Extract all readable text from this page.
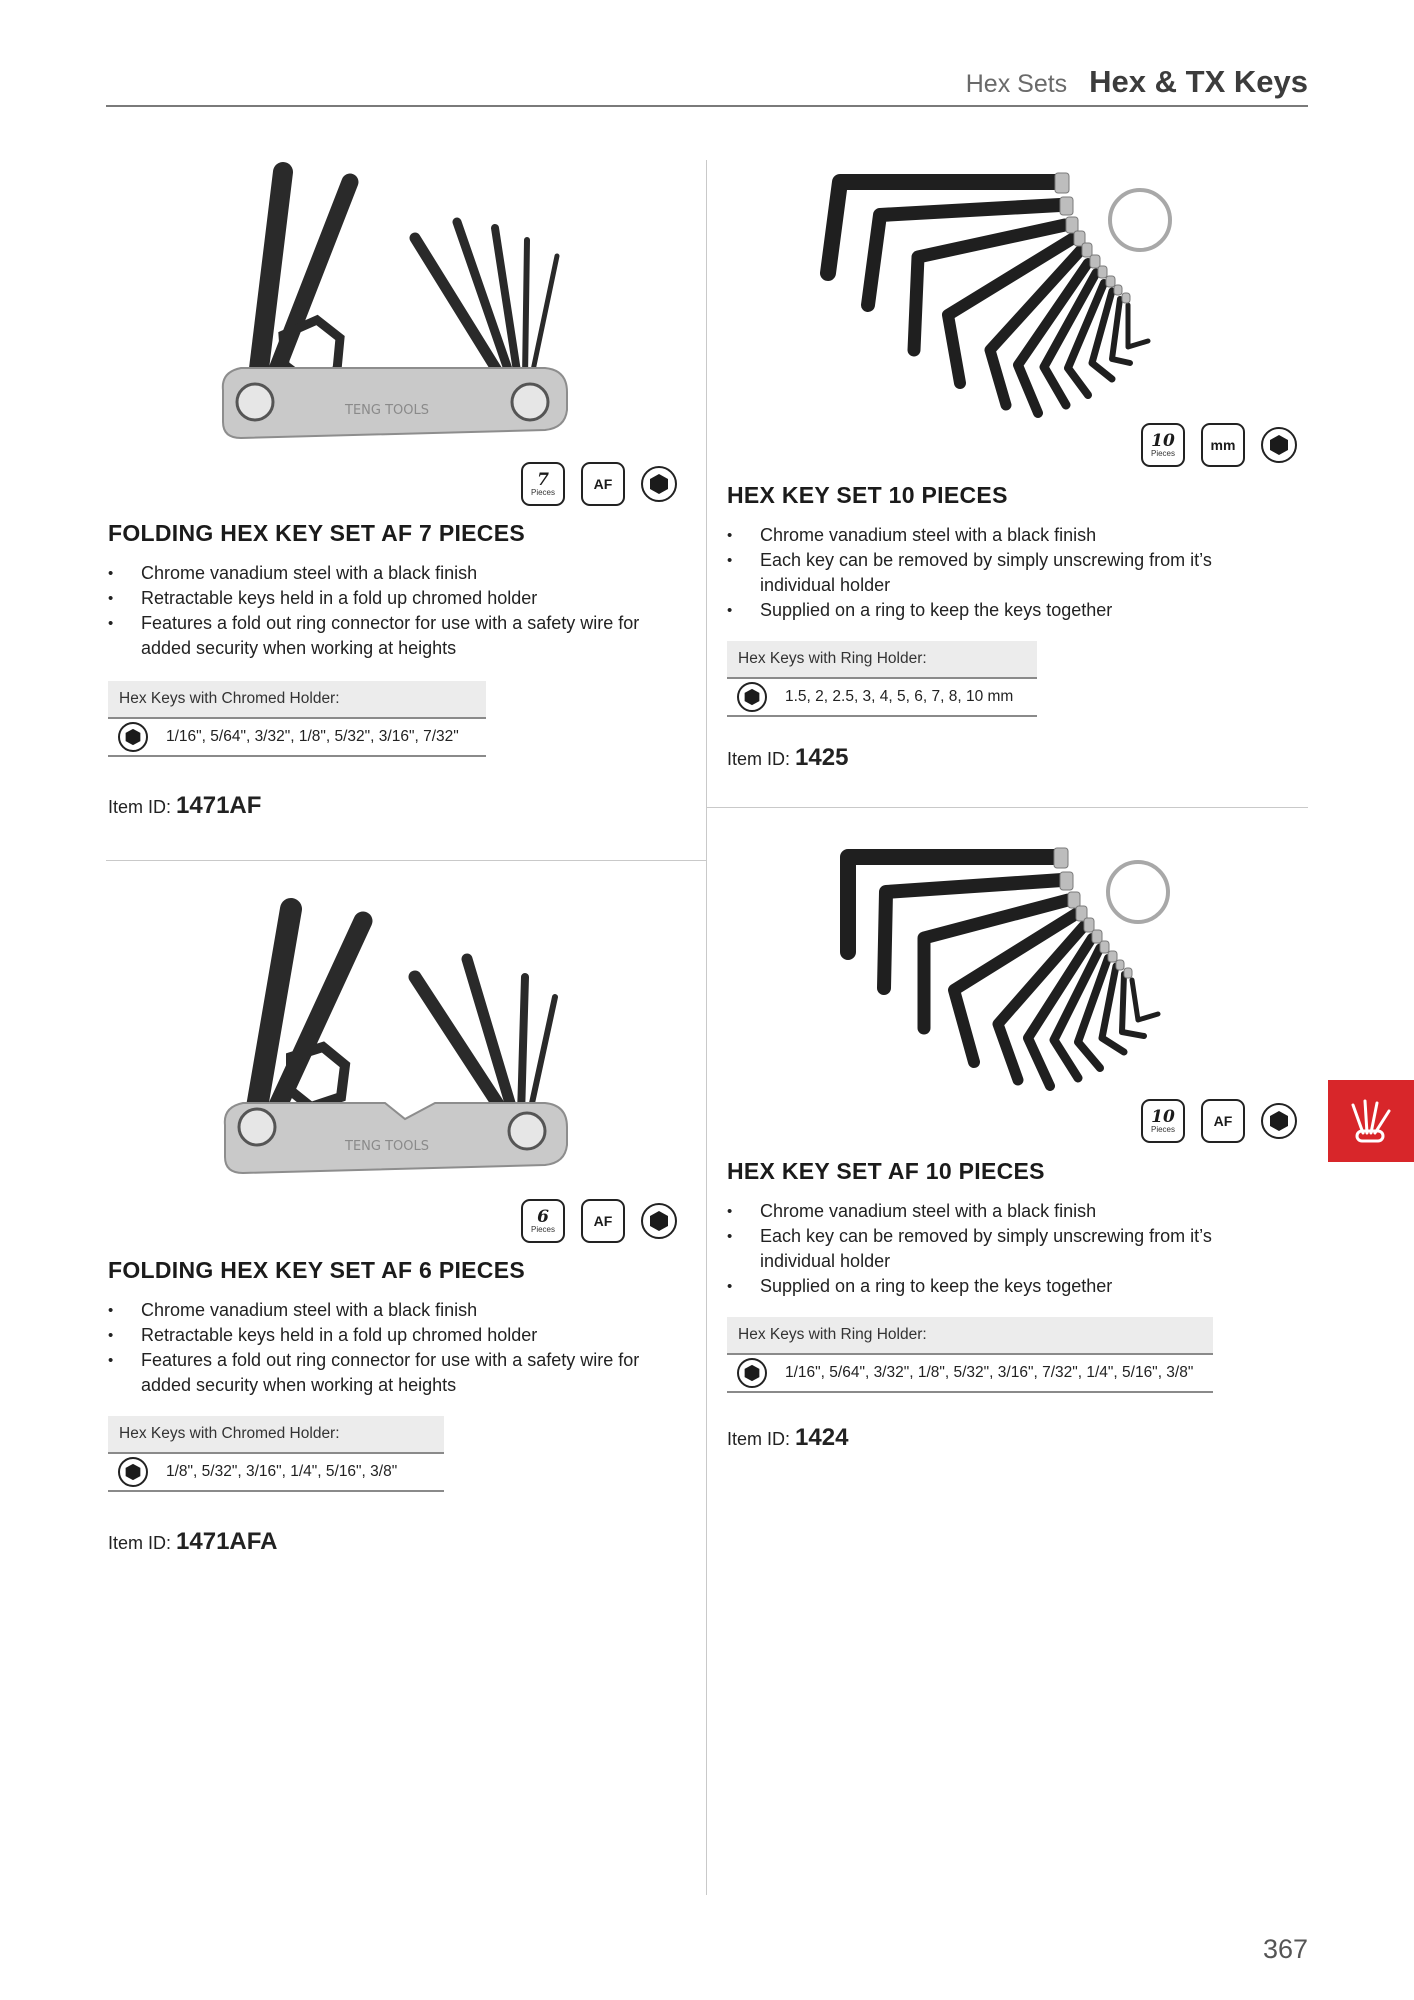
Hex Sets Hex & TX Keys
TENG TOOLS
7
Pieces	AF
FOLDING HEX KEY SET AF 7 PIECES
• Chrome vanadium steel with a black finish
• Retractable keys held in a fold up chromed holder
• Features a fold out ring connector for use with a safety wire for added security when working at heights
Hex Keys with Chromed Holder:
1/16", 5/64", 3/32", 1/8", 5/32", 3/16", 7/32"
Item ID: 1471AF
10
Pieces	mm
HEX KEY SET 10 PIECES
• Chrome vanadium steel with a black finish
• Each key can be removed by simply unscrewing from it’s individual holder
• Supplied on a ring to keep the keys together
Hex Keys with Ring Holder:
1.5, 2, 2.5, 3, 4, 5, 6, 7, 8, 10 mm
Item ID: 1425
TENG TOOLS
6
Pieces	AF
FOLDING HEX KEY SET AF 6 PIECES
• Chrome vanadium steel with a black finish
• Retractable keys held in a fold up chromed holder
• Features a fold out ring connector for use with a safety wire for added security when working at heights
Hex Keys with Chromed Holder:
1/8", 5/32", 3/16", 1/4", 5/16", 3/8"
Item ID: 1471AFA
10
Pieces	AF
HEX KEY SET AF 10 PIECES
• Chrome vanadium steel with a black finish
• Each key can be removed by simply unscrewing from it’s individual holder
• Supplied on a ring to keep the keys together
Hex Keys with Ring Holder:
1/16", 5/64", 3/32", 1/8", 5/32", 3/16", 7/32", 1/4", 5/16", 3/8"
Item ID: 1424
367
